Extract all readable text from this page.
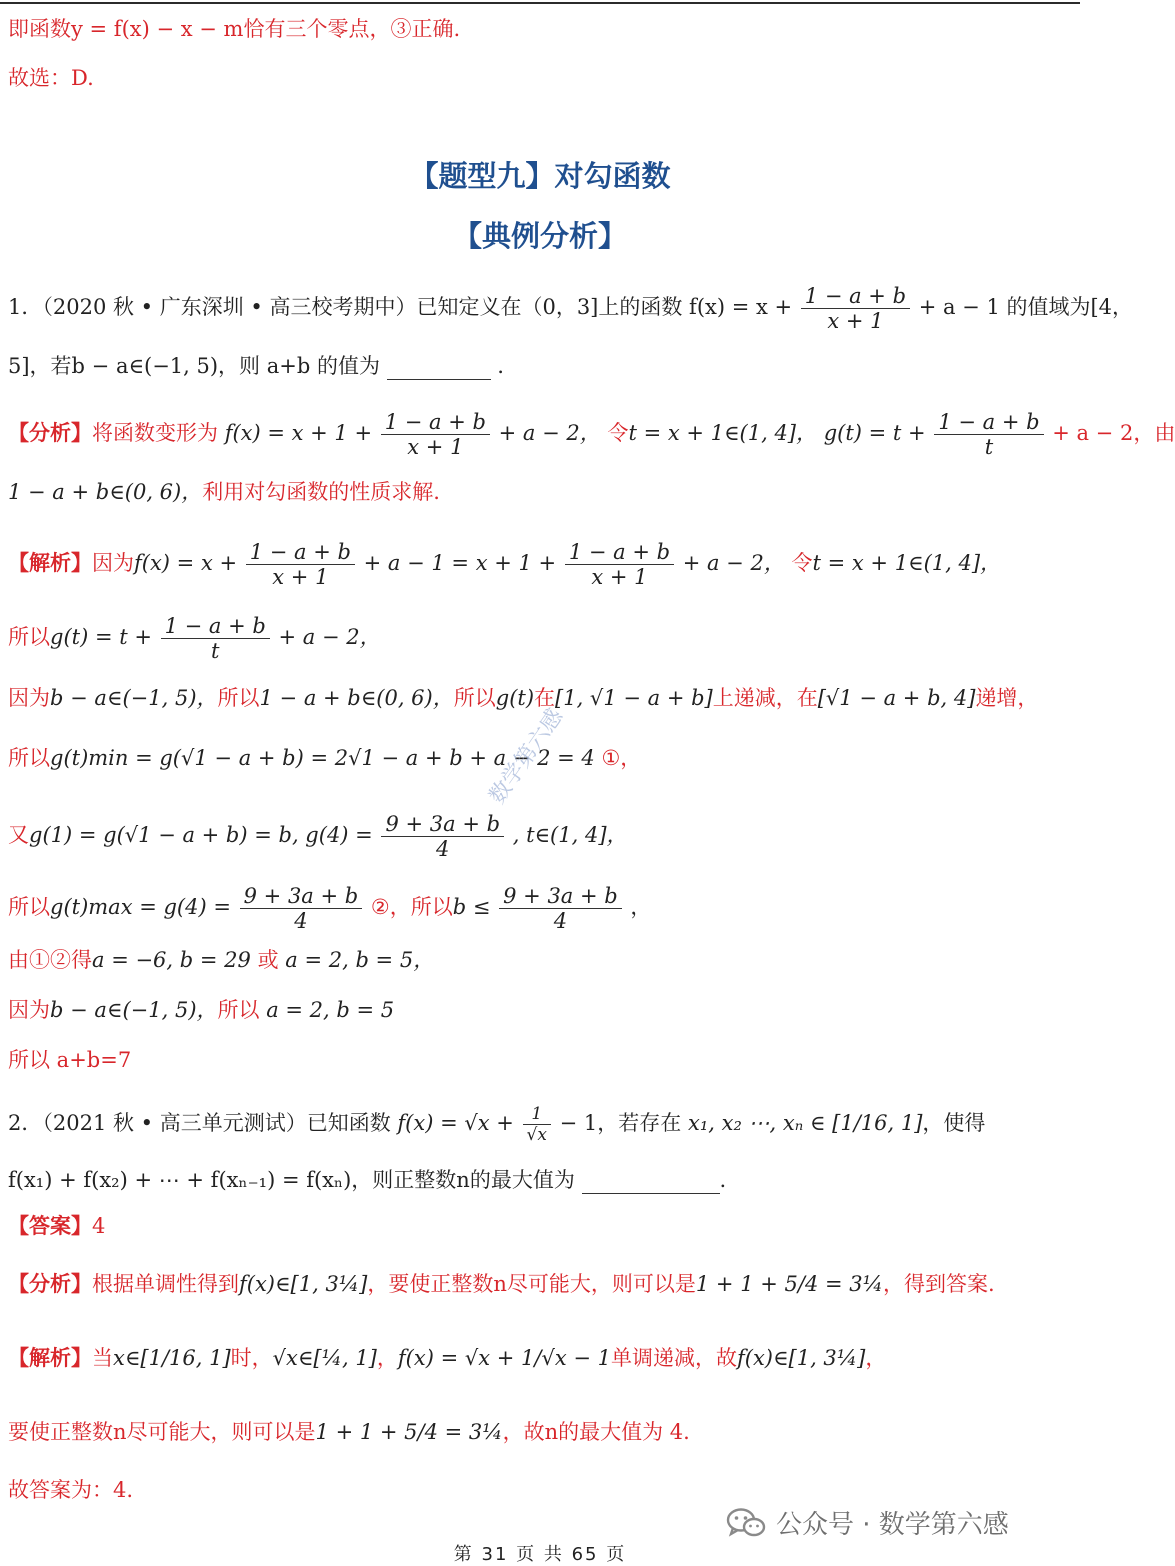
即函数y = f(x) − x − m恰有三个零点，③正确.
故选：D.
【题型九】对勾函数
【典例分析】
1．（2020 秋 • 广东深圳 • 高三校考期中）已知定义在（0，3]上的函数 $f(x) = x + \frac{1 - a + b}{x + 1} + a - 1$ 的值域为[4，
5]，若b − a∈(−1, 5)，则 a+b 的值为	．
【分析】将函数变形为 $f(x) = x + 1 + \frac{1 - a + b}{x + 1} + a - 2$， 令t = x + 1∈(1, 4]， $g(t) = t + \frac{1 - a + b}{t} + a - 2$，由
1 − a + b∈(0, 6)，利用对勾函数的性质求解.
【解析】因为$f(x) = x + \frac{1 - a + b}{x + 1} + a - 1 = x + 1 + \frac{1 - a + b}{x + 1} + a - 2$， 令t = x + 1∈(1, 4]，
所以$g(t) = t + \frac{1 - a + b}{t} + a - 2$，
因为b − a∈(−1, 5)，所以1 − a + b∈(0, 6)，所以g(t)在[1, √1 − a + b]上递减，在[√1 − a + b, 4]递增，
所以g(t)min = g(√1 − a + b) = 2√1 − a + b + a − 2 = 4 ①，
又g(1) = g(√1 − a + b) = b, $g(4) = \frac{9 + 3a + b}{4}$ , t∈(1, 4]，
所以$g(t)\max = g(4) = \frac{9 + 3a + b}{4}$ ②，所以$b \le \frac{9 + 3a + b}{4}$ ，
由①②得a = −6, b = 29 或 a = 2, b = 5，
因为b − a∈(−1, 5)，所以 a = 2, b = 5
所以 a+b=7
数学第六感
2．（2021 秋 • 高三单元测试）已知函数 $f(x) = √x + \frac{1}{√x} - 1$，若存在 x₁, x₂ ⋯, xₙ ∈ [1/16, 1]，使得
f(x₁) + f(x₂) + ⋯ + f(xₙ₋₁) = f(xₙ)，则正整数n的最大值为	.
【答案】4
【分析】根据单调性得到f(x)∈[1, 3¼]，要使正整数n尽可能大，则可以是1 + 1 + 5/4 = 3¼，得到答案.
【解析】当x∈[1/16, 1]时，√x∈[¼, 1]，f(x) = √x + 1/√x − 1单调递减，故f(x)∈[1, 3¼]，
要使正整数n尽可能大，则可以是1 + 1 + 5/4 = 3¼，故n的最大值为 4.
故答案为：4.
公众号 · 数学第六感
第 31 页 共 65 页
